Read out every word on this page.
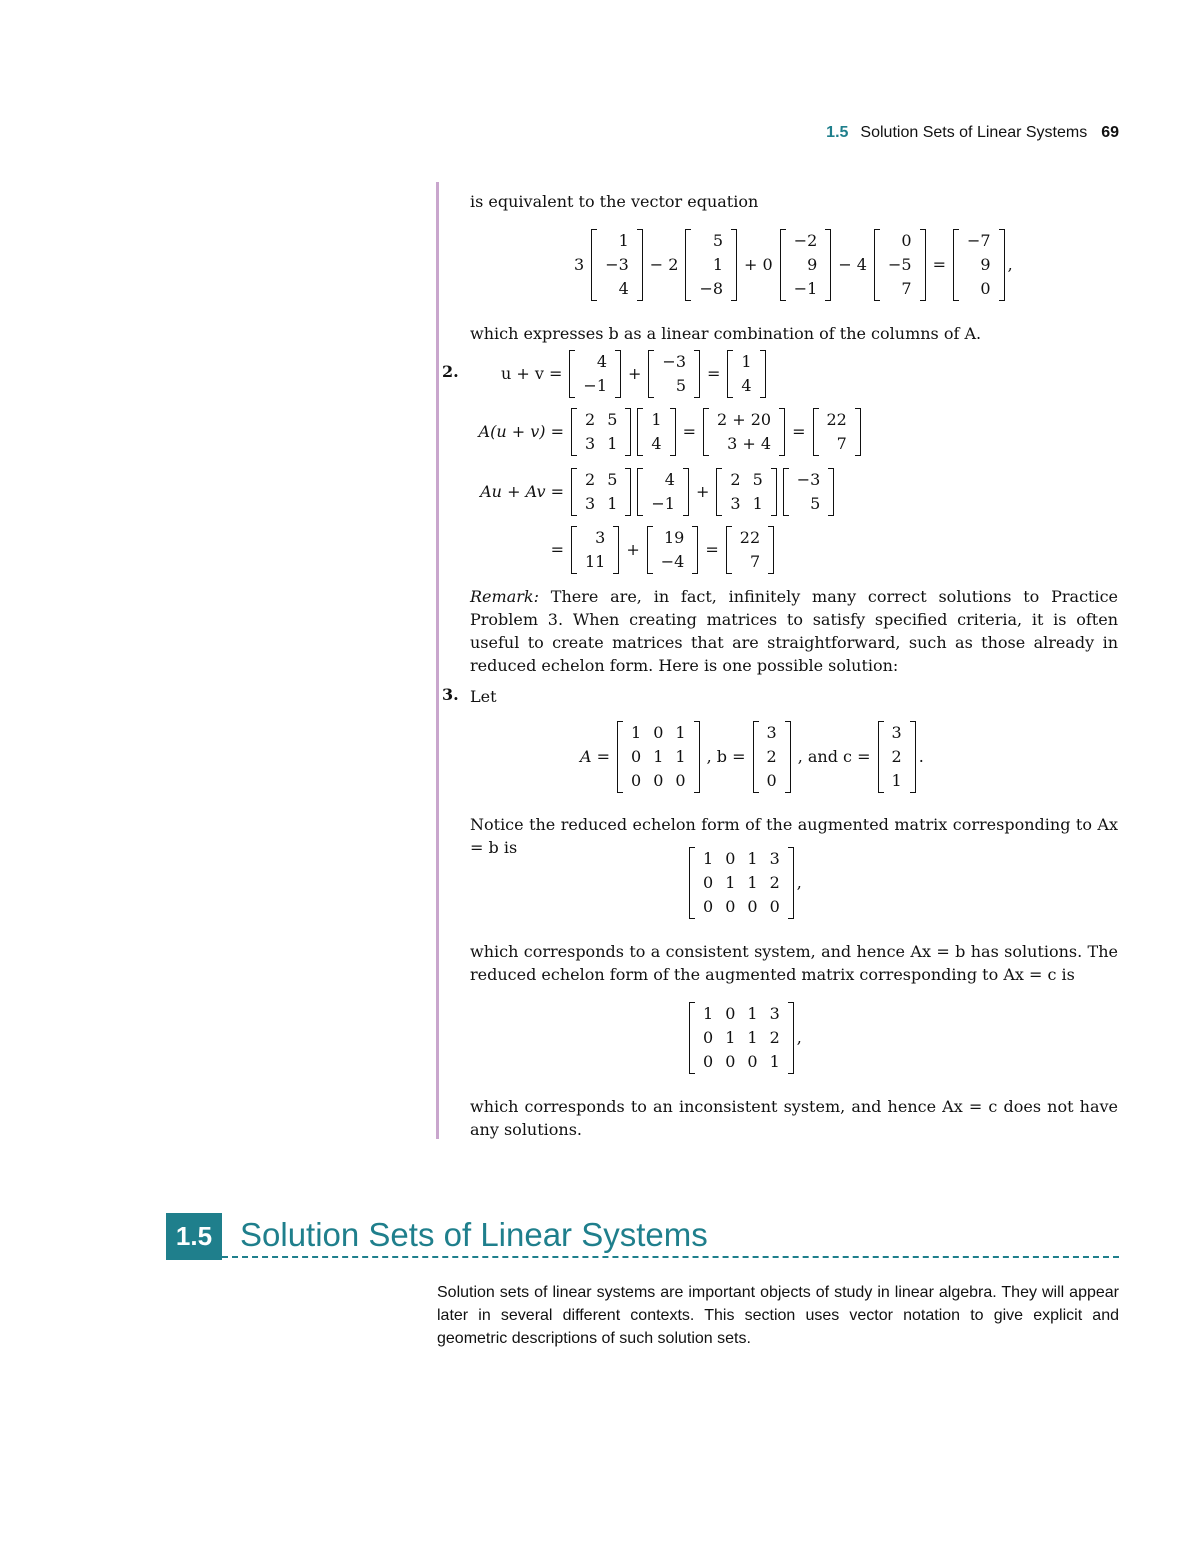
1.5 Solution Sets of Linear Systems 69
is equivalent to the vector equation
3
1
−3
4
− 2
5
1
−8
+ 0
−2
9
−1
− 4
0
−5
7
=
−7
9
0
,
which expresses b as a linear combination of the columns of A.
2.	u + v =
4
−1
+
−3
5
=
1
4
A(u + v) =
2	5
3	1
1
4
=
2 + 20
3 + 4
=
22
7
Au + Av =
2	5
3	1
4
−1
+
2	5
3	1
−3
5
=
3
11
+
19
−4
=
22
7
Remark: There are, in fact, infinitely many correct solutions to Practice Problem 3. When creating matrices to satisfy specified criteria, it is often useful to create matrices that are straightforward, such as those already in reduced echelon form. Here is one possible solution:
3. Let
A =
1	0	1
0	1	1
0	0	0
, b =
3
2
0
, and c =
3
2
1
.
Notice the reduced echelon form of the augmented matrix corresponding to Ax = b is
1	0	1	3
0	1	1	2
0	0	0	0
,
which corresponds to a consistent system, and hence Ax = b has solutions. The reduced echelon form of the augmented matrix corresponding to Ax = c is
1	0	1	3
0	1	1	2
0	0	0	1
,
which corresponds to an inconsistent system, and hence Ax = c does not have any solutions.
1.5 Solution Sets of Linear Systems
Solution sets of linear systems are important objects of study in linear algebra. They will appear later in several different contexts. This section uses vector notation to give explicit and geometric descriptions of such solution sets.
